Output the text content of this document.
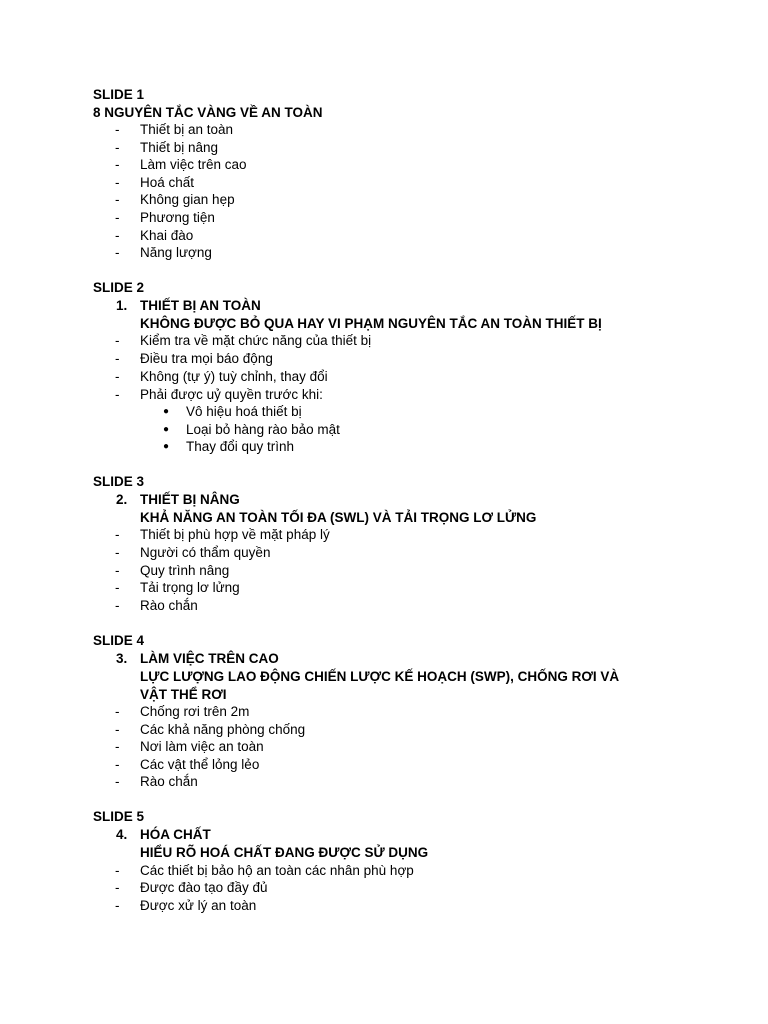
SLIDE 1
8 NGUYÊN TẮC VÀNG VỀ AN TOÀN
- Thiết bị an toàn
- Thiết bị nâng
- Làm việc trên cao
- Hoá chất
- Không gian hẹp
- Phương tiện
- Khai đào
- Năng lượng
SLIDE 2
1. THIẾT BỊ AN TOÀN
KHÔNG ĐƯỢC BỎ QUA HAY VI PHẠM NGUYÊN TẮC AN TOÀN THIẾT BỊ
- Kiểm tra về mặt chức năng của thiết bị
- Điều tra mọi báo động
- Không (tự ý) tuỳ chỉnh, thay đổi
- Phải được uỷ quyền trước khi:
● Vô hiệu hoá thiết bị
● Loại bỏ hàng rào bảo mật
● Thay đổi quy trình
SLIDE 3
2. THIẾT BỊ NÂNG
KHẢ NĂNG AN TOÀN TỐI ĐA (SWL) VÀ TẢI TRỌNG LƠ LỬNG
- Thiết bị phù hợp về mặt pháp lý
- Người có thẩm quyền
- Quy trình nâng
- Tải trọng lơ lửng
- Rào chắn
SLIDE 4
3. LÀM VIỆC TRÊN CAO
LỰC LƯỢNG LAO ĐỘNG CHIẾN LƯỢC KẾ HOẠCH (SWP), CHỐNG RƠI VÀ
VẬT THỂ RƠI
- Chống rơi trên 2m
- Các khả năng phòng chống
- Nơi làm việc an toàn
- Các vật thể lỏng lẻo
- Rào chắn
SLIDE 5
4. HÓA CHẤT
HIỂU RÕ HOÁ CHẤT ĐANG ĐƯỢC SỬ DỤNG
- Các thiết bị bảo hộ an toàn các nhân phù hợp
- Được đào tạo đầy đủ
- Được xử lý an toàn
